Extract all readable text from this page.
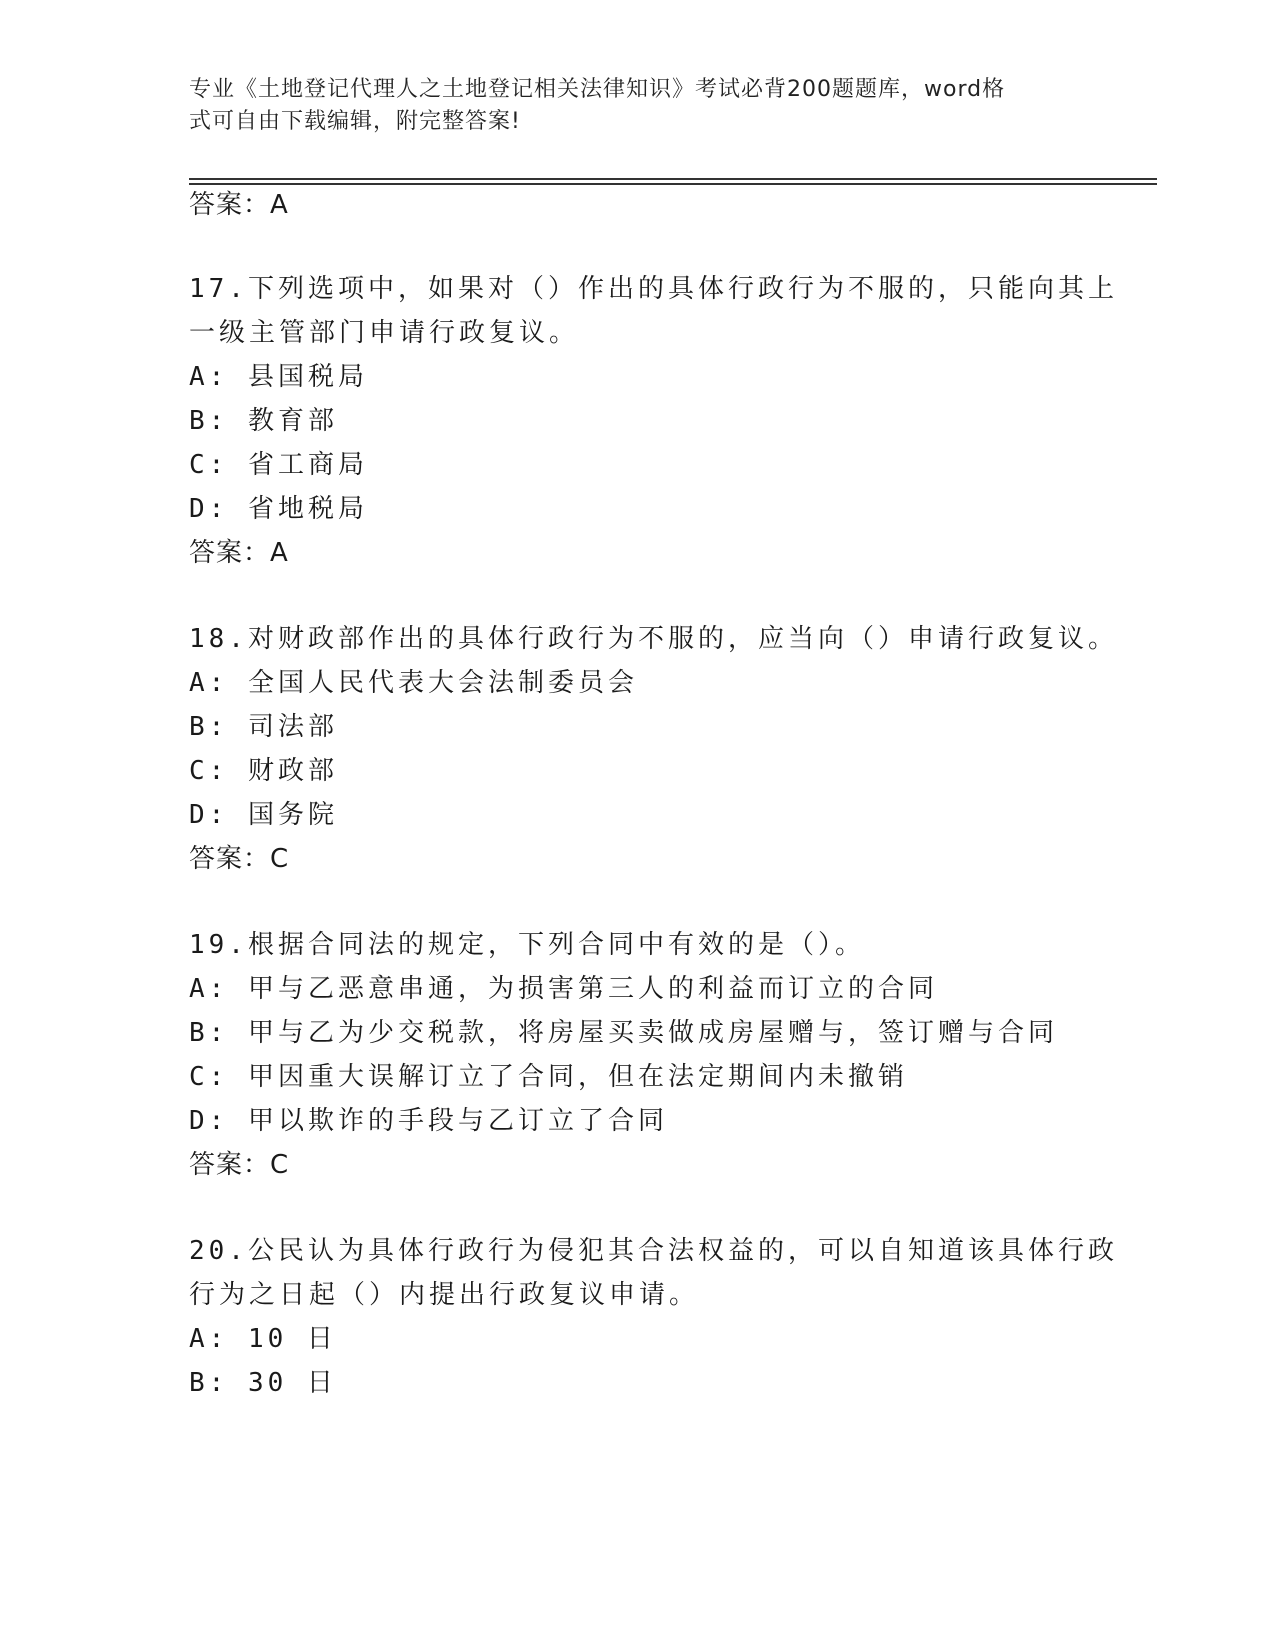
专业《土地登记代理人之土地登记相关法律知识》考试必背200题题库，word格
式可自由下载编辑，附完整答案!
答案：A
17.下列选项中，如果对（）作出的具体行政行为不服的，只能向其上
一级主管部门申请行政复议。
A: 县国税局
B: 教育部
C: 省工商局
D: 省地税局
答案：A
18.对财政部作出的具体行政行为不服的，应当向（）申请行政复议。
A: 全国人民代表大会法制委员会
B: 司法部
C: 财政部
D: 国务院
答案：C
19.根据合同法的规定，下列合同中有效的是（）。
A: 甲与乙恶意串通，为损害第三人的利益而订立的合同
B: 甲与乙为少交税款，将房屋买卖做成房屋赠与，签订赠与合同
C: 甲因重大误解订立了合同，但在法定期间内未撤销
D: 甲以欺诈的手段与乙订立了合同
答案：C
20.公民认为具体行政行为侵犯其合法权益的，可以自知道该具体行政
行为之日起（）内提出行政复议申请。
A: 10 日
B: 30 日
